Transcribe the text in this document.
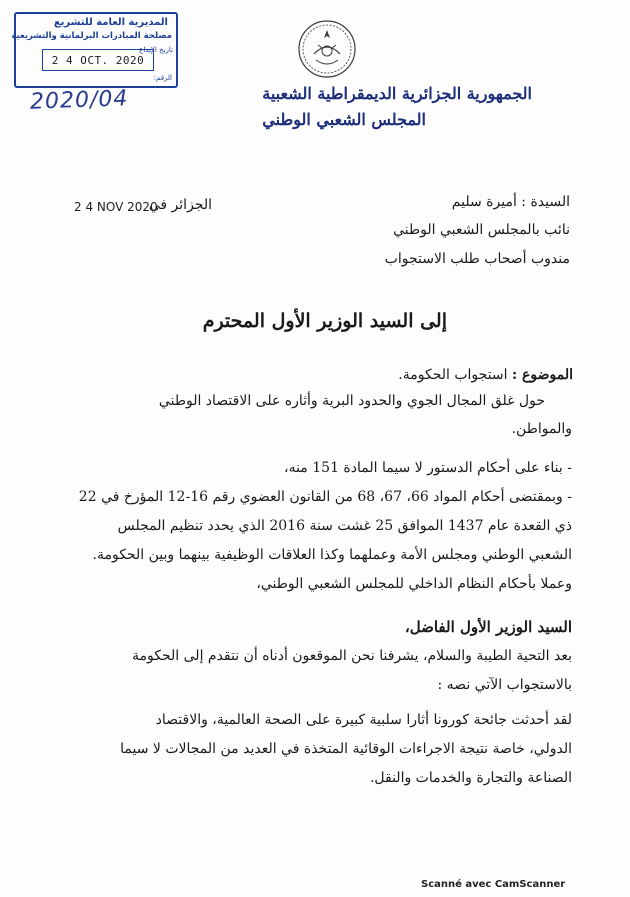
المديرية العامة للتشريع
مصلحة المبادرات البرلمانية والتشريعية
تاريخ الإيداع
2 4 OCT. 2020
الرقم:
2020/04	الجمهورية الجزائرية الديمقراطية الشعبية
المجلس الشعبي الوطني
السيدة : أميرة سليم
نائب بالمجلس الشعبي الوطني
مندوب أصحاب طلب الاستجواب
الجزائر في
2 4 NOV 2020
إلى السيد الوزير الأول المحترم
الموضوع : استجواب الحكومة.
حول غلق المجال الجوي والحدود البرية وأثاره على الاقتصاد الوطني
والمواطن.
- بناء على أحكام الدستور لا سيما المادة 151 منه،
- وبمقتضى أحكام المواد 66، 67، 68 من القانون العضوي رقم 16-12 المؤرخ في 22
ذي القعدة عام 1437 الموافق 25 غشت سنة 2016 الذي يحدد تنظيم المجلس
الشعبي الوطني ومجلس الأمة وعملهما وكذا العلاقات الوظيفية بينهما وبين الحكومة.
وعملا بأحكام النظام الداخلي للمجلس الشعبي الوطني،
السيد الوزير الأول الفاضل،
بعد التحية الطيبة والسلام، يشرفنا نحن الموقعون أدناه أن نتقدم إلى الحكومة
بالاستجواب الآتي نصه :
لقد أحدثت جائحة كورونا أثارا سلبية كبيرة على الصحة العالمية، والاقتصاد
الدولي، خاصة نتيجة الاجراءات الوقائية المتخذة في العديد من المجالات لا سيما
الصناعة والتجارة والخدمات والنقل.
Scanné avec CamScanner
